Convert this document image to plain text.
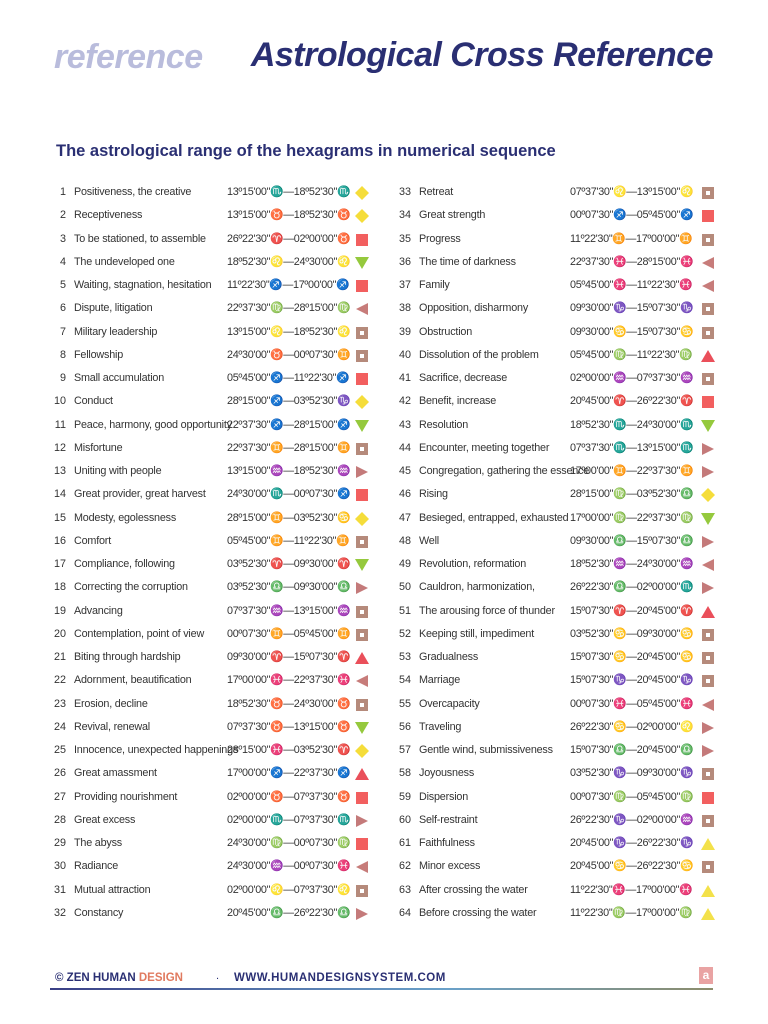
reference Astrological Cross Reference
The astrological range of the hexagrams in numerical sequence
1 Positiveness, the creative	13º15'00"♏—18º52'30"♏
2 Receptiveness	13º15'00"♉—18º52'30"♉
3 To be stationed, to assemble 26º22'30"♈—02º00'00"♉
4 The undeveloped one	18º52'30"♌—24º30'00"♌
5 Waiting, stagnation, hesitation 11º22'30"♐—17º00'00"♐
6 Dispute, litigation	22º37'30"♍—28º15'00"♍
7 Military leadership	13º15'00"♌—18º52'30"♌
8 Fellowship	24º30'00"♉—00º07'30"♊
9 Small accumulation	05º45'00"♐—11º22'30"♐
10 Conduct	28º15'00"♐—03º52'30"♑
11 Peace, harmony, good opportunity
22º37'30"♐—28º15'00"♐
12 Misfortune	22º37'30"♊—28º15'00"♊
13 Uniting with people	13º15'00"♒—18º52'30"♒
14 Great provider, great harvest 24º30'00"♏—00º07'30"♐
15 Modesty, egolessness	28º15'00"♊—03º52'30"♋
16 Comfort	05º45'00"♊—11º22'30"♊
17 Compliance, following	03º52'30"♈—09º30'00"♈
18 Correcting the corruption	03º52'30"♎—09º30'00"♎
19 Advancing	07º37'30"♒—13º15'00"♒
20 Contemplation, point of view 00º07'30"♊—05º45'00"♊
21 Biting through hardship	09º30'00"♈—15º07'30"♈
22 Adornment, beautification	17º00'00"♓—22º37'30"♓
23 Erosion, decline	18º52'30"♉—24º30'00"♉
24 Revival, renewal	07º37'30"♉—13º15'00"♉
25 Innocence, unexpected happenings
28º15'00"♓—03º52'30"♈
26 Great amassment	17º00'00"♐—22º37'30"♐
27 Providing nourishment	02º00'00"♉—07º37'30"♉
28 Great excess	02º00'00"♏—07º37'30"♏
29 The abyss	24º30'00"♍—00º07'30"♍
30 Radiance	24º30'00"♒—00º07'30"♓
31 Mutual attraction	02º00'00"♌—07º37'30"♌
32 Constancy	20º45'00"♎—26º22'30"♎
33 Retreat	07º37'30"♌—13º15'00"♌
34 Great strength	00º07'30"♐—05º45'00"♐
35 Progress	11º22'30"♊—17º00'00"♊
36 The time of darkness	22º37'30"♓—28º15'00"♓
37 Family	05º45'00"♓—11º22'30"♓
38 Opposition, disharmony	09º30'00"♑—15º07'30"♑
39 Obstruction	09º30'00"♋—15º07'30"♋
40 Dissolution of the problem	05º45'00"♍—11º22'30"♍
41 Sacrifice, decrease	02º00'00"♒—07º37'30"♒
42 Benefit, increase	20º45'00"♈—26º22'30"♈
43 Resolution	18º52'30"♏—24º30'00"♏
44 Encounter, meeting together 07º37'30"♏—13º15'00"♏
45 Congregation, gathering the essence
17º00'00"♊—22º37'30"♊
46 Rising	28º15'00"♍—03º52'30"♎
47 Besieged, entrapped, exhausted 17º00'00"♍—22º37'30"♍
48 Well	09º30'00"♎—15º07'30"♎
49 Revolution, reformation	18º52'30"♒—24º30'00"♒
50 Cauldron, harmonization,	26º22'30"♎—02º00'00"♏
51 The arousing force of thunder 15º07'30"♈—20º45'00"♈
52 Keeping still, impediment	03º52'30"♋—09º30'00"♋
53 Gradualness	15º07'30"♋—20º45'00"♋
54 Marriage	15º07'30"♑—20º45'00"♑
55 Overcapacity	00º07'30"♓—05º45'00"♓
56 Traveling	26º22'30"♋—02º00'00"♌
57 Gentle wind, submissiveness 15º07'30"♎—20º45'00"♎
58 Joyousness	03º52'30"♑—09º30'00"♑
59 Dispersion	00º07'30"♍—05º45'00"♍
60 Self-restraint	26º22'30"♑—02º00'00"♒
61 Faithfulness	20º45'00"♑—26º22'30"♑
62 Minor excess	20º45'00"♋—26º22'30"♋
63 After crossing the water	11º22'30"♓—17º00'00"♓
64 Before crossing the water	11º22'30"♍—17º00'00"♍
© ZEN HUMAN DESIGN	. WWW.HUMANDESIGNSYSTEM.COM	a
